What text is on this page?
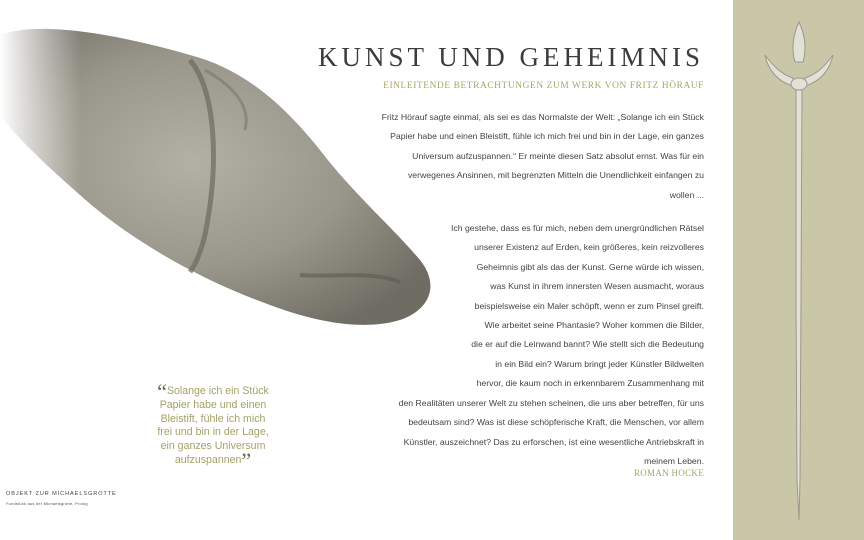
KUNST UND GEHEIMNIS
EINLEITENDE BETRACHTUNGEN ZUM WERK VON FRITZ HÖRAUF
Fritz Hörauf sagte einmal, als sei es das Normalste der Welt: „Solange ich ein Stück
Papier habe und einen Bleistift, fühle ich mich frei und bin in der Lage, ein ganzes
Universum aufzuspannen.“ Er meinte diesen Satz absolut ernst. Was für ein
verwegenes Ansinnen, mit begrenzten Mitteln die Unendlichkeit einfangen zu
wollen ...
Ich gestehe, dass es für mich, neben dem unergründlichen Rätsel
unserer Existenz auf Erden, kein größeres, kein reizvolleres
Geheimnis gibt als das der Kunst. Gerne würde ich wissen,
was Kunst in ihrem innersten Wesen ausmacht, woraus
beispielsweise ein Maler schöpft, wenn er zum Pinsel greift.
Wie arbeitet seine Phantasie? Woher kommen die Bilder,
die er auf die Leinwand bannt? Wie stellt sich die Bedeutung
in ein Bild ein? Warum bringt jeder Künstler Bildwelten
hervor, die kaum noch in erkennbarem Zusammenhang mit
den Realitäten unserer Welt zu stehen scheinen, die uns aber betreffen, für uns
bedeutsam sind? Was ist diese schöpferische Kraft, die Menschen, vor allem
Künstler, auszeichnet? Das zu erforschen, ist eine wesentliche Antriebskraft in
meinem Leben.
ROMAN HOCKE
“Solange ich ein Stück
Papier habe und einen
Bleistift, fühle ich mich
frei und bin in der Lage,
ein ganzes Universum
aufzuspannen”
OBJEKT ZUR MICHAELSGROTTE
Fundstück aus der Michaelsgrotte, Prolog
